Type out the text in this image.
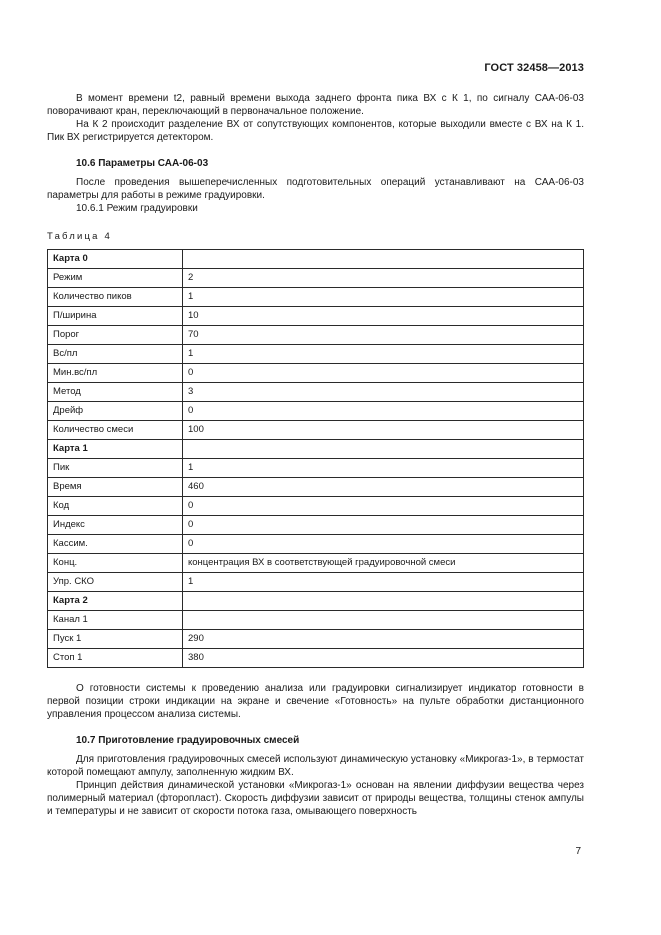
ГОСТ 32458—2013

В момент времени t2, равный времени выхода заднего фронта пика ВХ с К 1, по сигналу САА-06-03 поворачивают кран, переключающий в первоначальное положение.

На К 2 происходит разделение ВХ от сопутствующих компонентов, которые выходили вместе с ВХ на К 1. Пик ВХ регистрируется детектором.

10.6 Параметры САА-06-03

После проведения вышеперечисленных подготовительных операций устанавливают на САА-06-03 параметры для работы в режиме градуировки.

10.6.1 Режим градуировки

Таблица 4
Карта 0	
Режим	2
Количество пиков	1
П/ширина	10
Порог	70
Вс/пл	1
Мин.вс/пл	0
Метод	3
Дрейф	0
Количество смеси	100
Карта 1	
Пик	1
Время	460
Код	0
Индекс	0
Кассим.	0
Конц.	концентрация ВХ в соответствующей градуировочной смеси
Упр. СКО	1
Карта 2	
Канал 1	
Пуск 1	290
Стоп 1	380

О готовности системы к проведению анализа или градуировки сигнализирует индикатор готовности в первой позиции строки индикации на экране и свечение «Готовность» на пульте обработки дистанционного управления процессом анализа системы.

10.7 Приготовление градуировочных смесей

Для приготовления градуировочных смесей используют динамическую установку «Микрогаз-1», в термостат которой помещают ампулу, заполненную жидким ВХ.

Принцип действия динамической установки «Микрогаз-1» основан на явлении диффузии вещества через полимерный материал (фторопласт). Скорость диффузии зависит от природы вещества, толщины стенок ампулы и температуры и не зависит от скорости потока газа, омывающего поверхность

7
